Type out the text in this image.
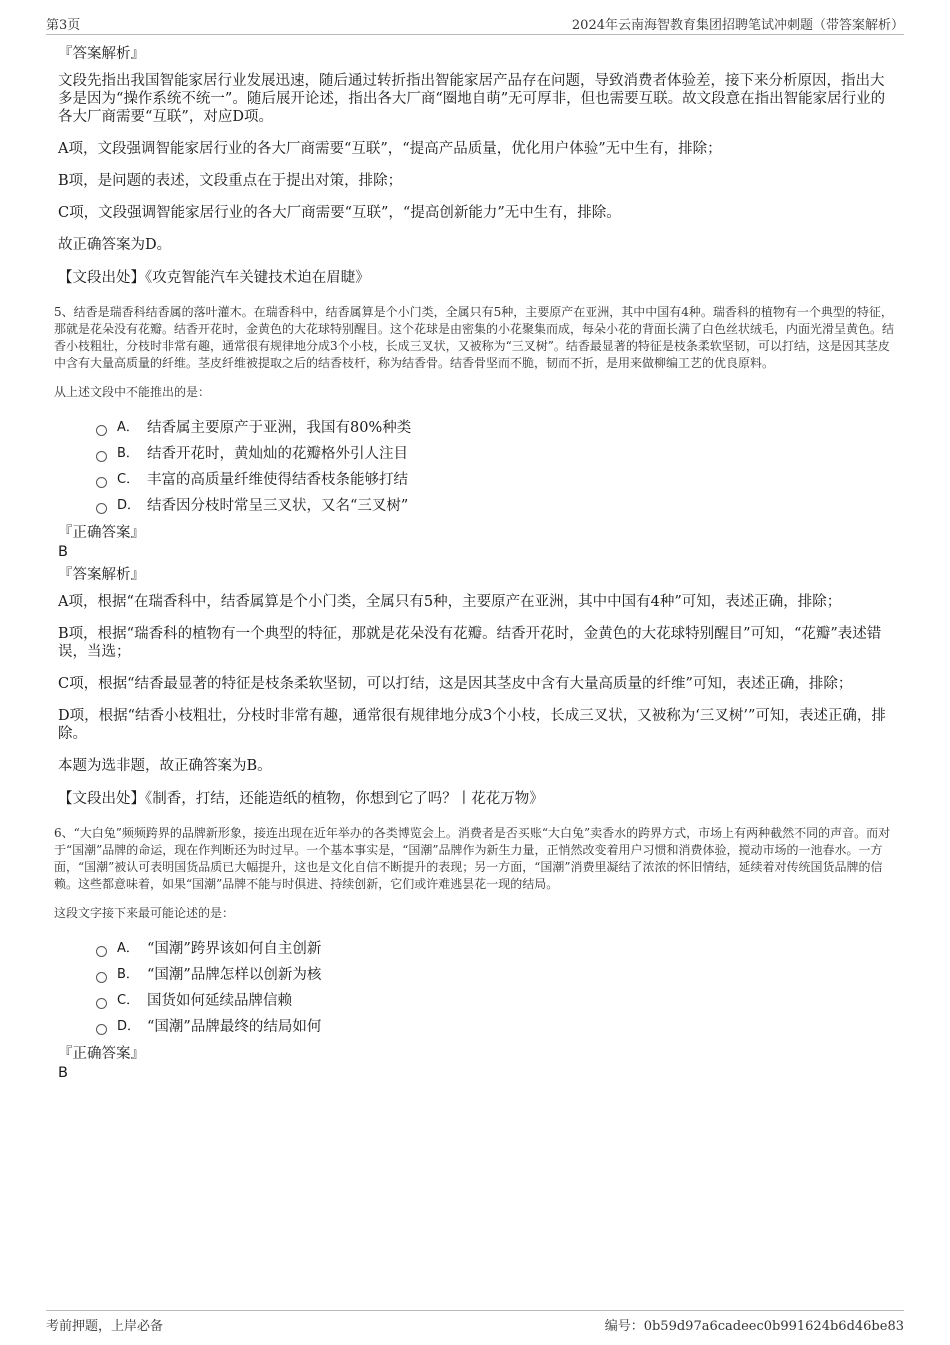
第3页	2024年云南海智教育集团招聘笔试冲刺题（带答案解析）
『答案解析』
文段先指出我国智能家居行业发展迅速，随后通过转折指出智能家居产品存在问题，导致消费者体验差，接下来分析原因，指出大多是因为“操作系统不统一”。随后展开论述，指出各大厂商“圈地自萌”无可厚非，但也需要互联。故文段意在指出智能家居行业的各大厂商需要“互联”，对应D项。
A项，文段强调智能家居行业的各大厂商需要“互联”，“提高产品质量，优化用户体验”无中生有，排除；
B项，是问题的表述，文段重点在于提出对策，排除；
C项，文段强调智能家居行业的各大厂商需要“互联”，“提高创新能力”无中生有，排除。
故正确答案为D。
【文段出处】《攻克智能汽车关键技术迫在眉睫》
5、结香是瑞香科结香属的落叶灌木。在瑞香科中，结香属算是个小门类，全属只有5种，主要原产在亚洲，其中中国有4种。瑞香科的植物有一个典型的特征，那就是花朵没有花瓣。结香开花时，金黄色的大花球特别醒目。这个花球是由密集的小花聚集而成，每朵小花的背面长满了白色丝状绒毛，内面光滑呈黄色。结香小枝粗壮，分枝时非常有趣，通常很有规律地分成3个小枝，长成三叉状，又被称为“三叉树”。结香最显著的特征是枝条柔软坚韧，可以打结，这是因其茎皮中含有大量高质量的纤维。茎皮纤维被提取之后的结香枝杆，称为结香骨。结香骨坚而不脆，韧而不折，是用来做柳编工艺的优良原料。
从上述文段中不能推出的是：
A． 结香属主要原产于亚洲，我国有80%种类
B． 结香开花时，黄灿灿的花瓣格外引人注目
C． 丰富的高质量纤维使得结香枝条能够打结
D． 结香因分枝时常呈三叉状，又名“三叉树”
『正确答案』
B
『答案解析』
A项，根据“在瑞香科中，结香属算是个小门类，全属只有5种，主要原产在亚洲，其中中国有4种”可知，表述正确，排除；
B项，根据“瑞香科的植物有一个典型的特征，那就是花朵没有花瓣。结香开花时，金黄色的大花球特别醒目”可知，“花瓣”表述错误，当选；
C项，根据“结香最显著的特征是枝条柔软坚韧，可以打结，这是因其茎皮中含有大量高质量的纤维”可知，表述正确，排除；
D项，根据“结香小枝粗壮，分枝时非常有趣，通常很有规律地分成3个小枝，长成三叉状，又被称为‘三叉树’”可知，表述正确，排除。
本题为选非题，故正确答案为B。
【文段出处】《制香，打结，还能造纸的植物，你想到它了吗？丨花花万物》
6、“大白兔”频频跨界的品牌新形象，接连出现在近年举办的各类博览会上。消费者是否买账“大白兔”卖香水的跨界方式，市场上有两种截然不同的声音。而对于“国潮”品牌的命运，现在作判断还为时过早。一个基本事实是，“国潮”品牌作为新生力量，正悄然改变着用户习惯和消费体验，搅动市场的一池春水。一方面，“国潮”被认可表明国货品质已大幅提升，这也是文化自信不断提升的表现；另一方面，“国潮”消费里凝结了浓浓的怀旧情结，延续着对传统国货品牌的信赖。这些都意味着，如果“国潮”品牌不能与时俱进、持续创新，它们或许难逃昙花一现的结局。
这段文字接下来最可能论述的是：
A． “国潮”跨界该如何自主创新
B． “国潮”品牌怎样以创新为核
C． 国货如何延续品牌信赖
D． “国潮”品牌最终的结局如何
『正确答案』
B
考前押题，上岸必备	编号：0b59d97a6cadeec0b991624b6d46be83
